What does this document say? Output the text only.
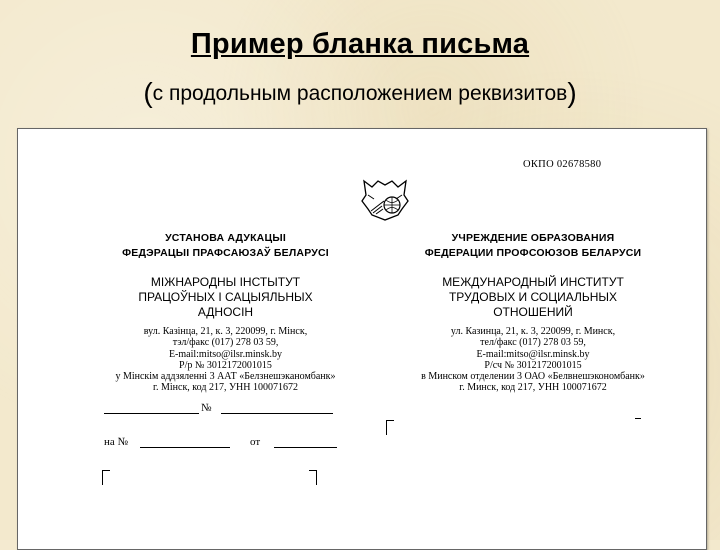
Пример бланка письма
(с продольным расположением реквизитов)
ОКПО 02678580
УСТАНОВА АДУКАЦЫІ
ФЕДЭРАЦЫІ ПРАФСАЮЗАЎ БЕЛАРУСІ
МІЖНАРОДНЫ ІНСТЫТУТ
ПРАЦОЎНЫХ І САЦЫЯЛЬНЫХ
АДНОСІН
вул. Казінца, 21, к. 3, 220099, г. Мінск,
тэл/факс (017) 278 03 59,
E-mail:mitso@ilsr.minsk.by
Р/р № 3012172001015
у Мінскім аддзяленні 3 ААТ «Белзнешэканомбанк»
г. Мінск, код 217, УНН 100071672
УЧРЕЖДЕНИЕ ОБРАЗОВАНИЯ
ФЕДЕРАЦИИ ПРОФСОЮЗОВ БЕЛАРУСИ
МЕЖДУНАРОДНЫЙ ИНСТИТУТ
ТРУДОВЫХ И СОЦИАЛЬНЫХ
ОТНОШЕНИЙ
ул. Казинца, 21, к. 3, 220099, г. Минск,
тел/факс (017) 278 03 59,
E-mail:mitso@ilsr.minsk.by
Р/сч № 3012172001015
в Минском отделении 3 ОАО «Белвнешэкономбанк»
г. Минск, код 217, УНН 100071672
№
на №	от
